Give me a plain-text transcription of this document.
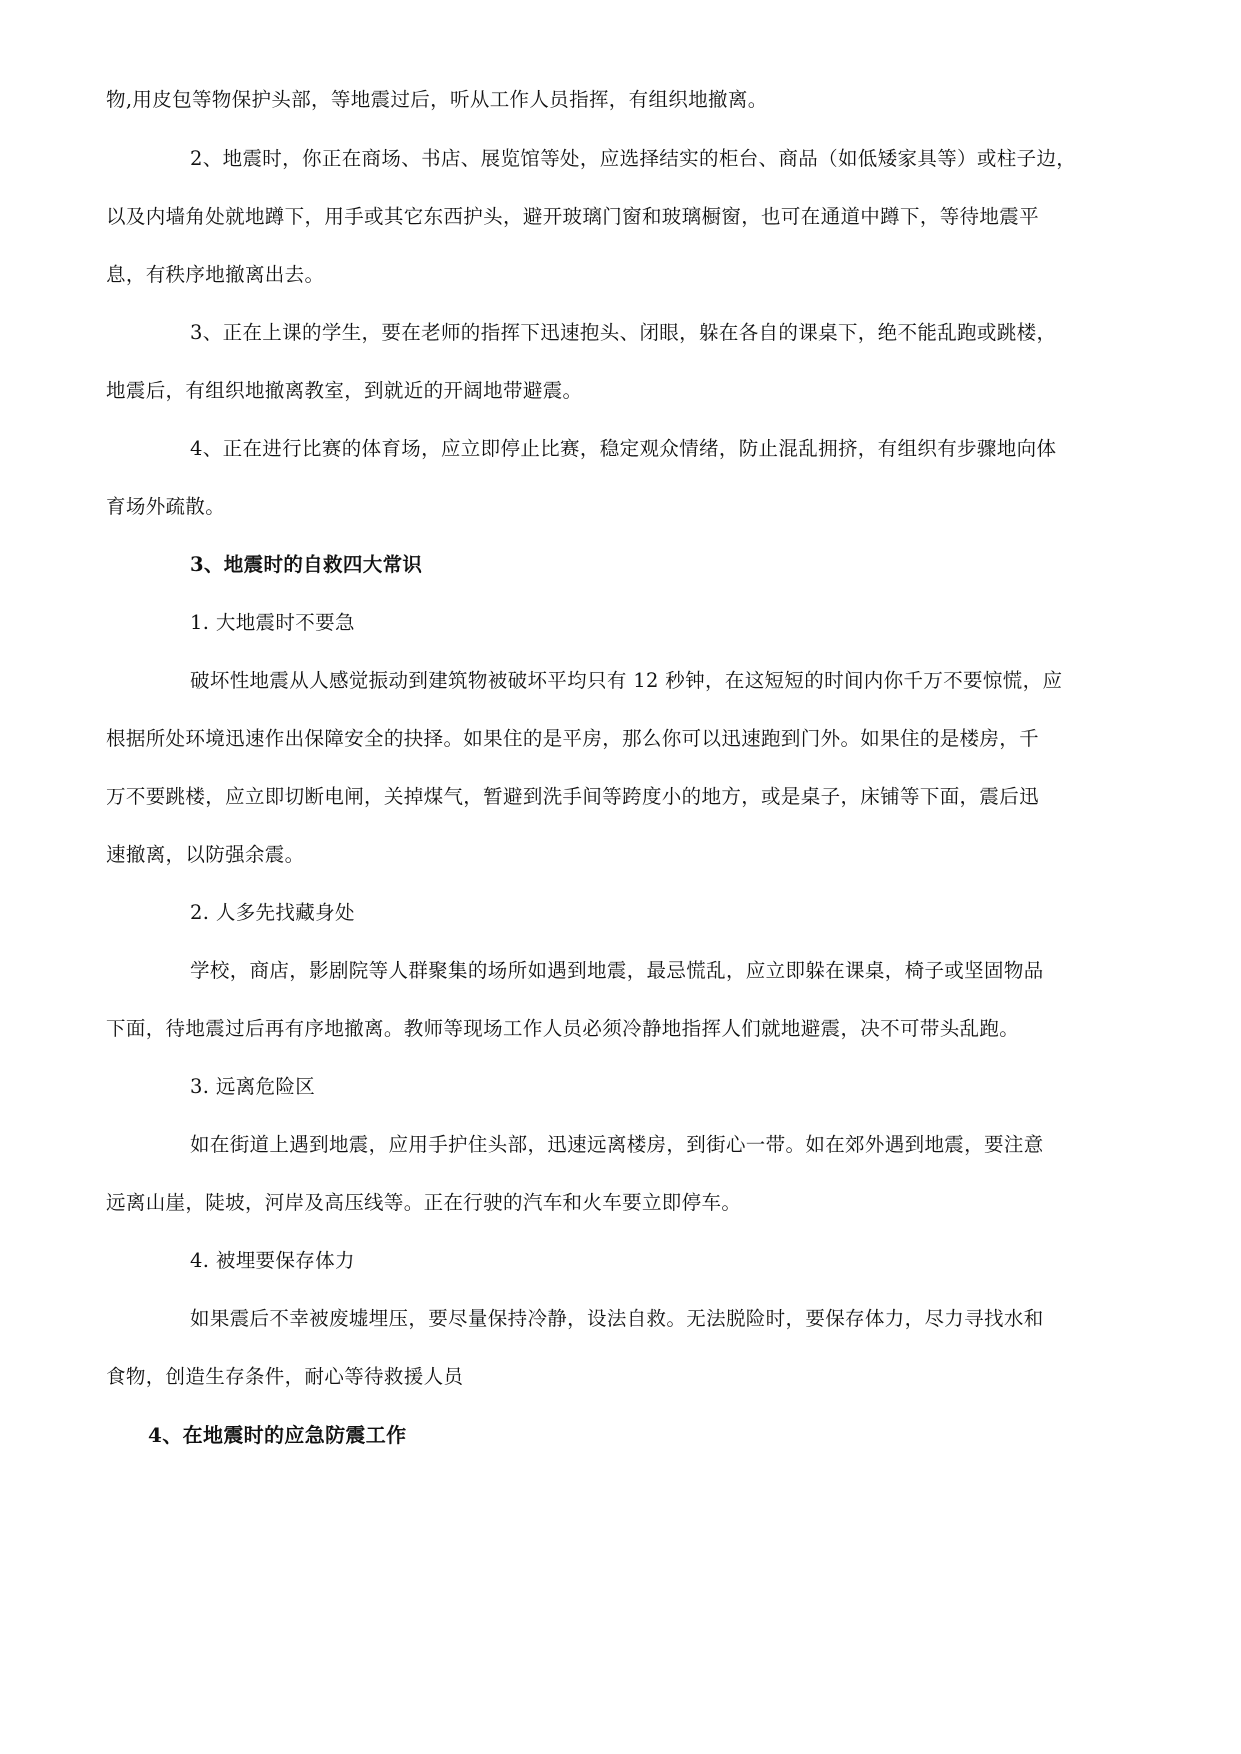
物,用皮包等物保护头部，等地震过后，听从工作人员指挥，有组织地撤离。
2、地震时，你正在商场、书店、展览馆等处，应选择结实的柜台、商品（如低矮家具等）或柱子边，
以及内墙角处就地蹲下，用手或其它东西护头，避开玻璃门窗和玻璃橱窗，也可在通道中蹲下，等待地震平
息，有秩序地撤离出去。
3、正在上课的学生，要在老师的指挥下迅速抱头、闭眼，躲在各自的课桌下，绝不能乱跑或跳楼，
地震后，有组织地撤离教室，到就近的开阔地带避震。
4、正在进行比赛的体育场，应立即停止比赛，稳定观众情绪，防止混乱拥挤，有组织有步骤地向体
育场外疏散。
3、地震时的自救四大常识
1. 大地震时不要急
破坏性地震从人感觉振动到建筑物被破坏平均只有 12 秒钟，在这短短的时间内你千万不要惊慌，应
根据所处环境迅速作出保障安全的抉择。如果住的是平房，那么你可以迅速跑到门外。如果住的是楼房，千
万不要跳楼，应立即切断电闸，关掉煤气，暂避到洗手间等跨度小的地方，或是桌子，床铺等下面，震后迅
速撤离，以防强余震。
2. 人多先找藏身处
学校，商店，影剧院等人群聚集的场所如遇到地震，最忌慌乱，应立即躲在课桌，椅子或坚固物品
下面，待地震过后再有序地撤离。教师等现场工作人员必须冷静地指挥人们就地避震，决不可带头乱跑。
3. 远离危险区
如在街道上遇到地震，应用手护住头部，迅速远离楼房，到街心一带。如在郊外遇到地震，要注意
远离山崖，陡坡，河岸及高压线等。正在行驶的汽车和火车要立即停车。
4. 被埋要保存体力
如果震后不幸被废墟埋压，要尽量保持冷静，设法自救。无法脱险时，要保存体力，尽力寻找水和
食物，创造生存条件，耐心等待救援人员
4、在地震时的应急防震工作
